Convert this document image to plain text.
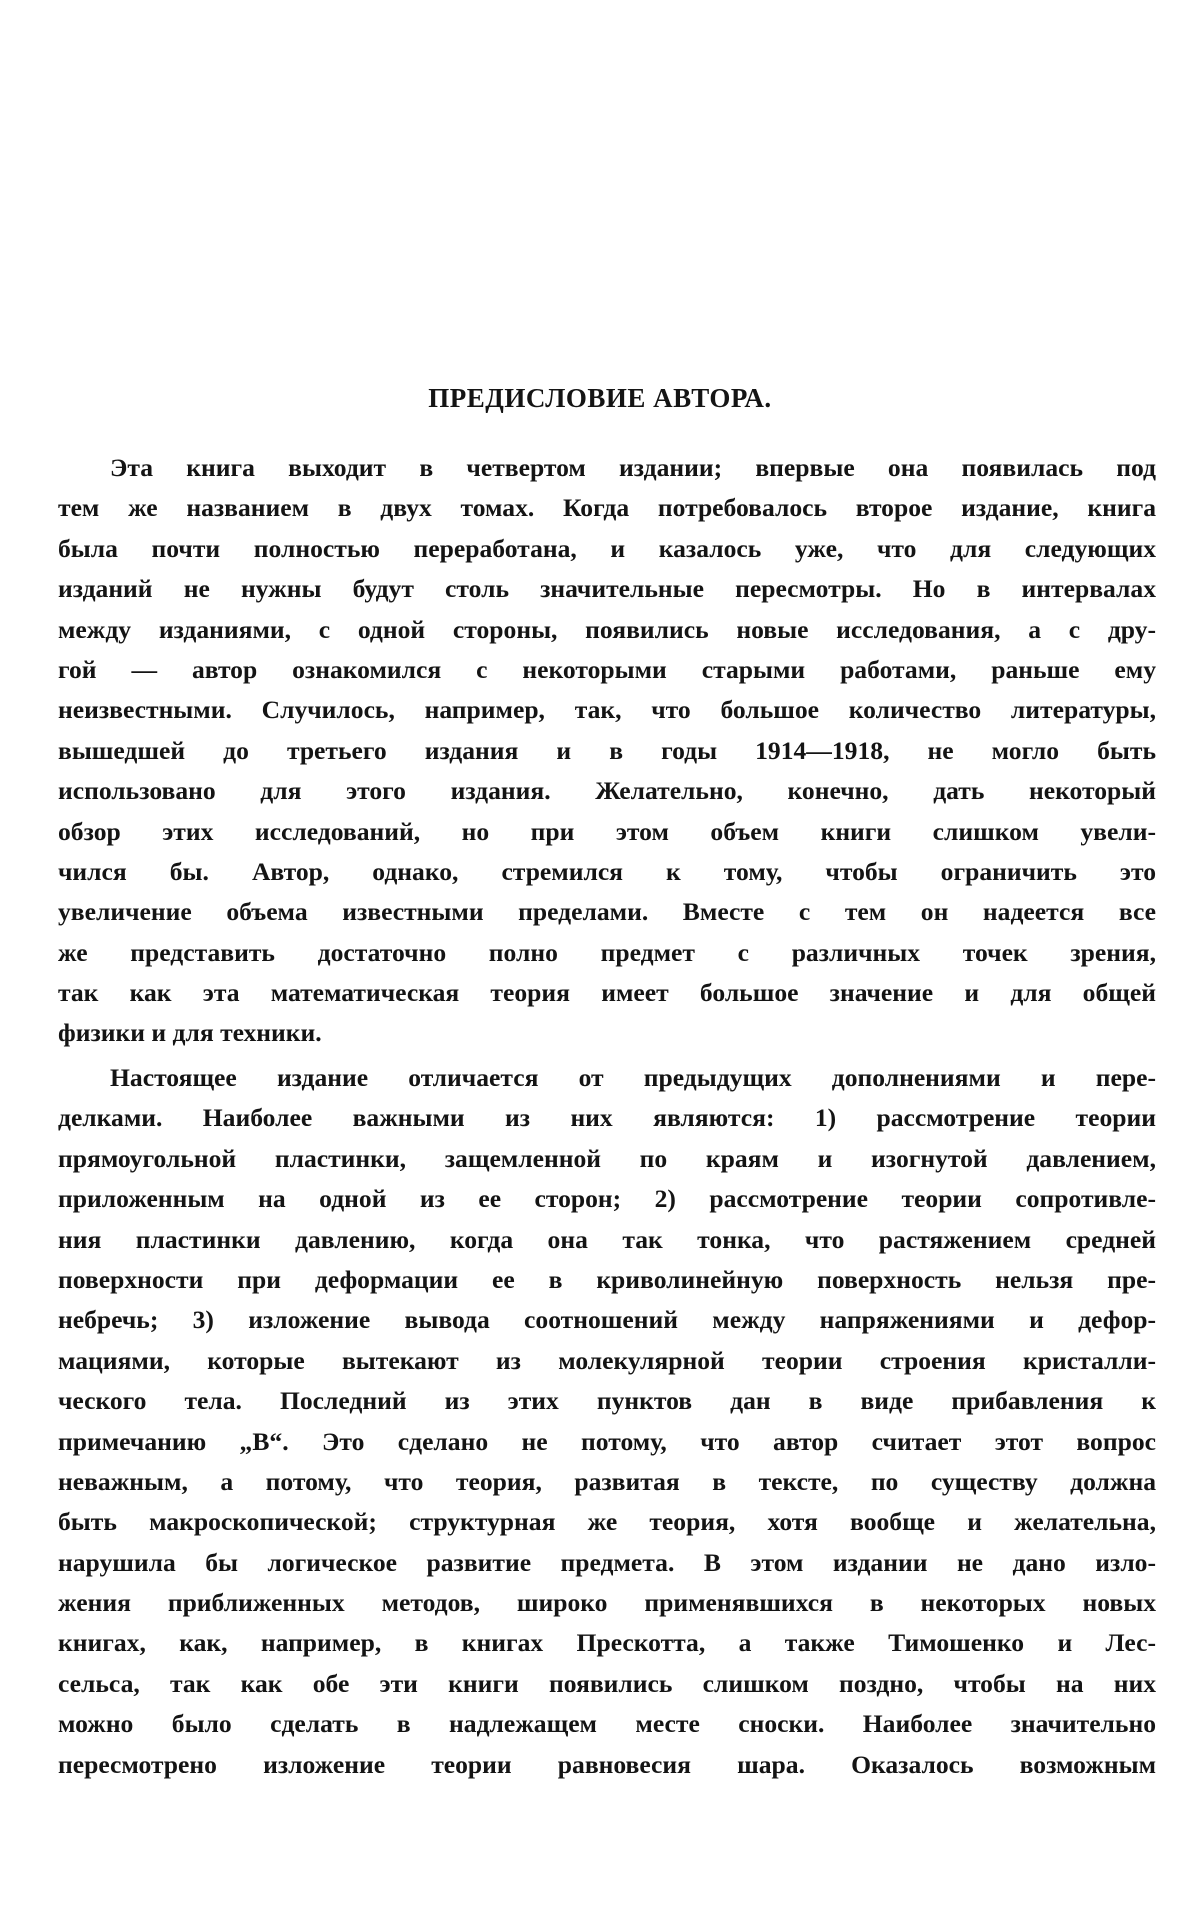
ПРЕДИСЛОВИЕ АВТОРА.
Эта книга выходит в четвертом издании; впервые она появилась под
тем же названием в двух томах. Когда потребовалось второе издание, книга
была почти полностью переработана, и казалось уже, что для следующих
изданий не нужны будут столь значительные пересмотры. Но в интервалах
между изданиями, с одной стороны, появились новые исследования, а с дру-
гой — автор ознакомился с некоторыми старыми работами, раньше ему
неизвестными. Случилось, например, так, что большое количество литературы,
вышедшей до третьего издания и в годы 1914—1918, не могло быть
использовано для этого издания. Желательно, конечно, дать некоторый
обзор этих исследований, но при этом объем книги слишком увели-
чился бы. Автор, однако, стремился к тому, чтобы ограничить это
увеличение объема известными пределами. Вместе с тем он надеется все
же представить достаточно полно предмет с различных точек зрения,
так как эта математическая теория имеет большое значение и для общей
физики и для техники.
Настоящее издание отличается от предыдущих дополнениями и пере-
делками. Наиболее важными из них являются: 1) рассмотрение теории
прямоугольной пластинки, защемленной по краям и изогнутой давлением,
приложенным на одной из ее сторон; 2) рассмотрение теории сопротивле-
ния пластинки давлению, когда она так тонка, что растяжением средней
поверхности при деформации ее в криволинейную поверхность нельзя пре-
небречь; 3) изложение вывода соотношений между напряжениями и дефор-
мациями, которые вытекают из молекулярной теории строения кристалли-
ческого тела. Последний из этих пунктов дан в виде прибавления к
примечанию „В“. Это сделано не потому, что автор считает этот вопрос
неважным, а потому, что теория, развитая в тексте, по существу должна
быть макроскопической; структурная же теория, хотя вообще и желательна,
нарушила бы логическое развитие предмета. В этом издании не дано изло-
жения приближенных методов, широко применявшихся в некоторых новых
книгах, как, например, в книгах Прескотта, а также Тимошенко и Лес-
сельса, так как обе эти книги появились слишком поздно, чтобы на них
можно было сделать в надлежащем месте сноски. Наиболее значительно
пересмотрено изложение теории равновесия шара. Оказалось возможным
